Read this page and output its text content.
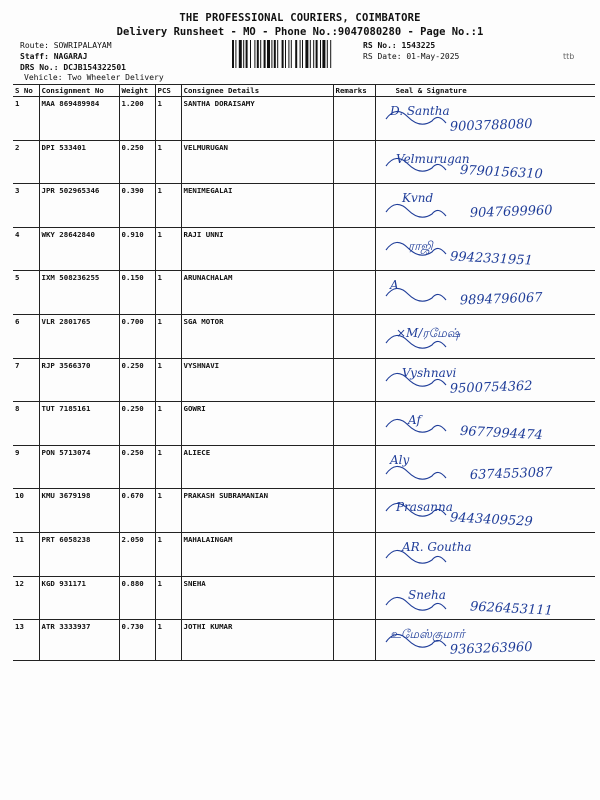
THE PROFESSIONAL COURIERS, COIMBATORE
Delivery Runsheet - MO - Phone No.:9047080280 - Page No.:1
Route: SOWRIPALAYAM
Staff: NAGARAJ
DRS No.: DCJB154322501
Vehicle: Two Wheeler Delivery
RS No.: 1543225
RS Date: 01-May-2025	ttb
S No	Consignment No	Weight	PCS	Consignee Details	Remarks	Seal & Signature
1	MAA 869489984	1.200	1	SANTHA DORAISAMY		D. Santha
9003788080

2	DPI 533401	0.250	1	VELMURUGAN		Velmurugan
9790156310

3	JPR 502965346	0.390	1	MENIMEGALAI		Kvnd
9047699960

4	WKY 28642840	0.910	1	RAJI UNNI		ராஜி
9942331951

5	IXM 508236255	0.150	1	ARUNACHALAM		A
9894796067

6	VLR 2801765	0.700	1	SGA MOTOR		×M/ரமேஷ்

7	RJP 3566370	0.250	1	VYSHNAVI		Vyshnavi
9500754362

8	TUT 7185161	0.250	1	GOWRI		Af
9677994474

9	PON 5713074	0.250	1	ALIECE		Aly
6374553087

10	KMU 3679198	0.670	1	PRAKASH SUBRAMANIAN		Prasanna
9443409529

11	PRT 6058238	2.050	1	MAHALAINGAM		AR. Goutha

12	KGD 931171	0.880	1	SNEHA		Sneha
9626453111

13	ATR 3333937	0.730	1	JOTHI KUMAR		உமேஸ்குமார்
9363263960
